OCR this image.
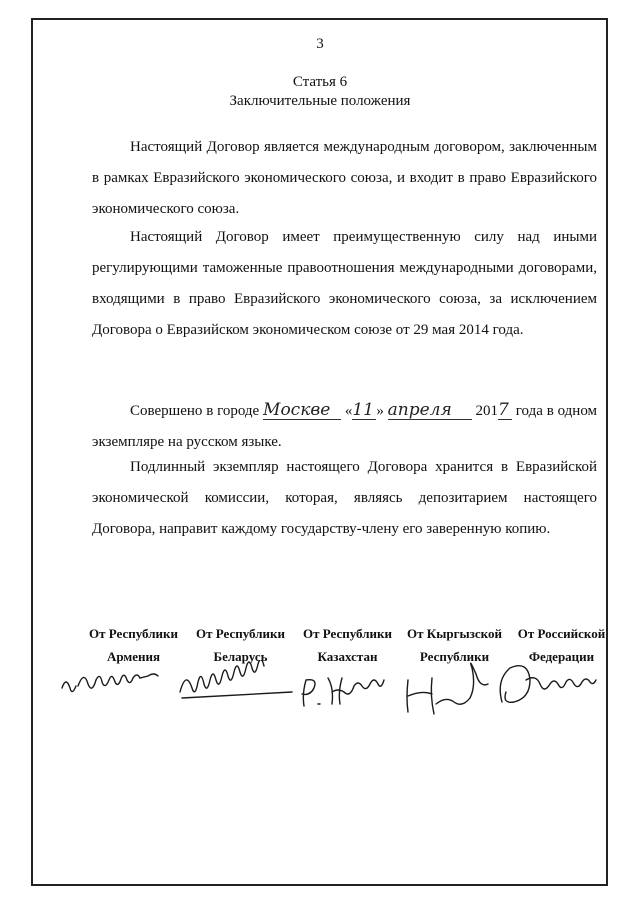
3
Статья 6
Заключительные положения
Настоящий Договор является международным договором, заключенным в рамках Евразийского экономического союза, и входит в право Евразийского экономического союза.
Настоящий Договор имеет преимущественную силу над иными регулирующими таможенные правоотношения международными договорами, входящими в право Евразийского экономического союза, за исключением Договора о Евразийском экономическом союзе от 29 мая 2014 года.
Совершено в городе Москве «11 » апреля 2017 года в одном экземпляре на русском языке.
Подлинный экземпляр настоящего Договора хранится в Евразийской экономической комиссии, которая, являясь депозитарием настоящего Договора, направит каждому государству-члену его заверенную копию.
От Республики
Армения
От Республики
Беларусь
От Республики
Казахстан
От Кыргызской
Республики
От Российской
Федерации
